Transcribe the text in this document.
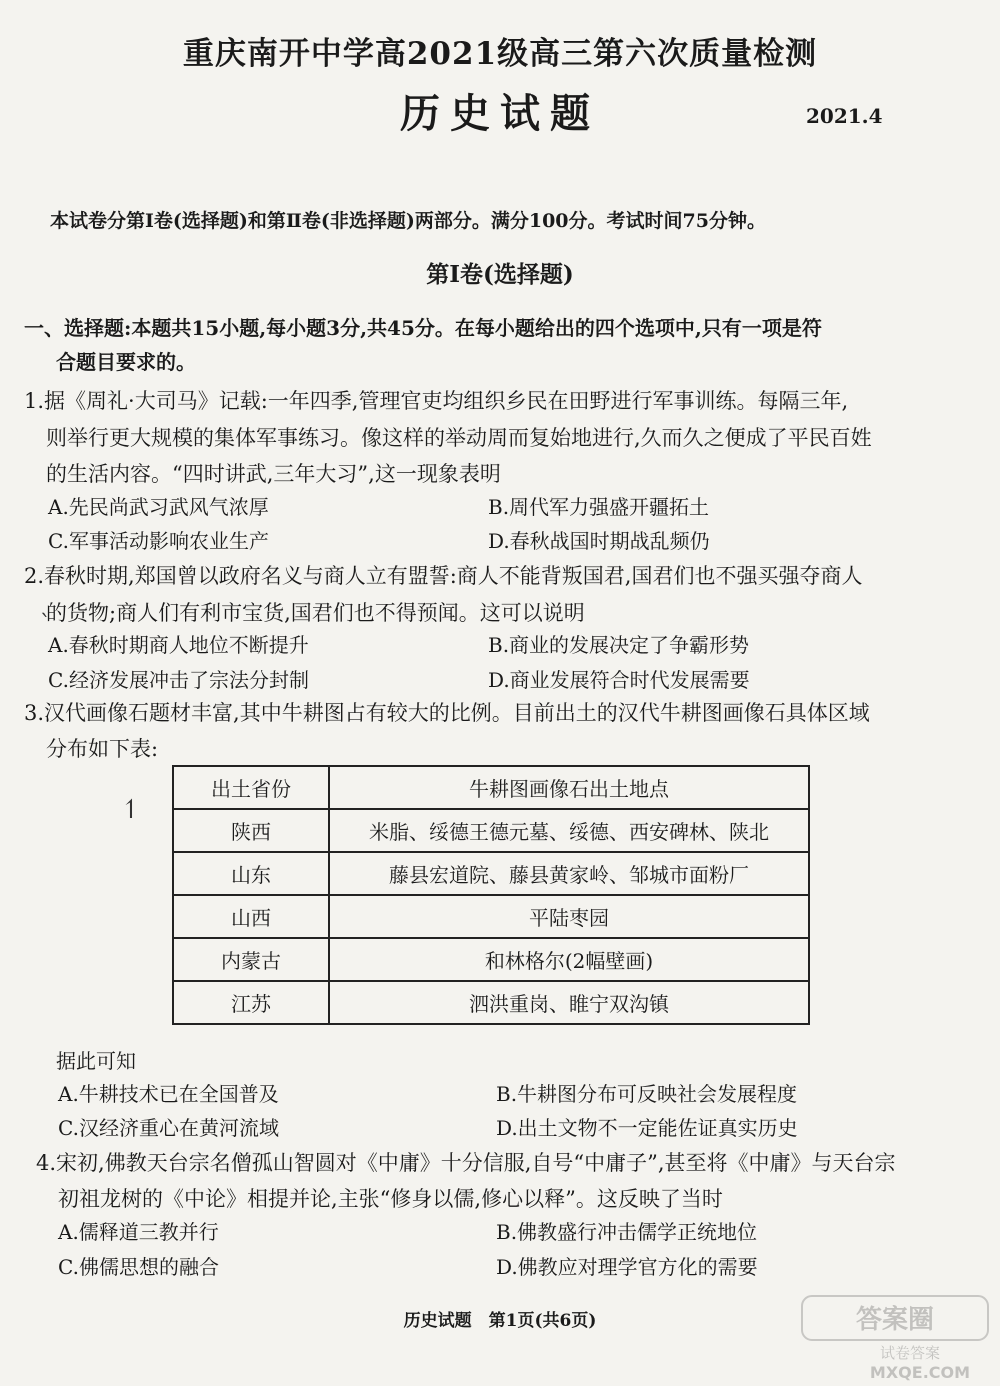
重庆南开中学高2021级高三第六次质量检测
历史试题	2021.4
本试卷分第Ⅰ卷(选择题)和第Ⅱ卷(非选择题)两部分。满分100分。考试时间75分钟。
第Ⅰ卷(选择题)
一、选择题:本题共15小题,每小题3分,共45分。在每小题给出的四个选项中,只有一项是符
合题目要求的。
1.据《周礼·大司马》记载:一年四季,管理官吏均组织乡民在田野进行军事训练。每隔三年,
则举行更大规模的集体军事练习。像这样的举动周而复始地进行,久而久之便成了平民百姓
的生活内容。“四时讲武,三年大习”,这一现象表明
A.先民尚武习武风气浓厚	B.周代军力强盛开疆拓土
C.军事活动影响农业生产	D.春秋战国时期战乱频仍
2.春秋时期,郑国曾以政府名义与商人立有盟誓:商人不能背叛国君,国君们也不强买强夺商人
的货物;商人们有利市宝货,国君们也不得预闻。这可以说明
ˋ
A.春秋时期商人地位不断提升	B.商业的发展决定了争霸形势
C.经济发展冲击了宗法分封制	D.商业发展符合时代发展需要
3.汉代画像石题材丰富,其中牛耕图占有较大的比例。目前出土的汉代牛耕图画像石具体区域
分布如下表:
↿
出土省份	牛耕图画像石出土地点
陕西	米脂、绥德王德元墓、绥德、西安碑林、陕北
山东	藤县宏道院、藤县黄家岭、邹城市面粉厂
山西	平陆枣园
内蒙古	和林格尔(2幅壁画)
江苏	泗洪重岗、睢宁双沟镇
据此可知
A.牛耕技术已在全国普及	B.牛耕图分布可反映社会发展程度
C.汉经济重心在黄河流域	D.出土文物不一定能佐证真实历史
4.宋初,佛教天台宗名僧孤山智圆对《中庸》十分信服,自号“中庸子”,甚至将《中庸》与天台宗
初祖龙树的《中论》相提并论,主张“修身以儒,修心以释”。这反映了当时
A.儒释道三教并行	B.佛教盛行冲击儒学正统地位
C.佛儒思想的融合	D.佛教应对理学官方化的需要
历史试题　第1页(共6页)	答案圈
试卷答案
MXQE.COM
